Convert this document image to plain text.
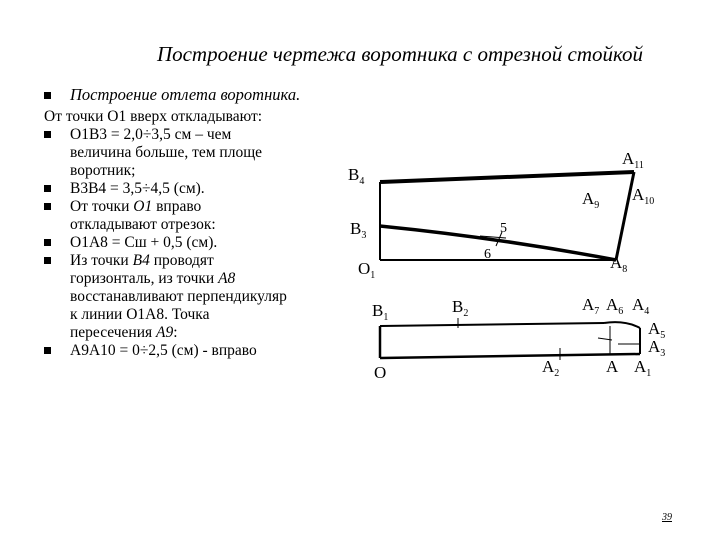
Построение чертежа воротника с отрезной стойкой
Построение отлета воротника.
От точки О1 вверх откладывают:
О1В3 = 2,0÷3,5 см – чем
величина больше, тем площе
воротник;
В3В4 = 3,5÷4,5 (см).
От точки О1 вправо
откладывают отрезок:
О1А8 = Сш + 0,5 (см).
Из точки В4 проводят
горизонталь, из точки А8
восстанавливают перпендикуляр
к линии О1А8. Точка
пересечения А9:
А9А10 = 0÷2,5 (см) - вправо
$В_4$
$В_3$
$О_1$
$А_{11}$
$А_9$
$А_{10}$
$А_8$
5
6
$В_1$
$В_2$	$А_7$ $А_6$ $А_4$
$А_5$
$А_3$
О	$А_2$	А $А_1$
39
